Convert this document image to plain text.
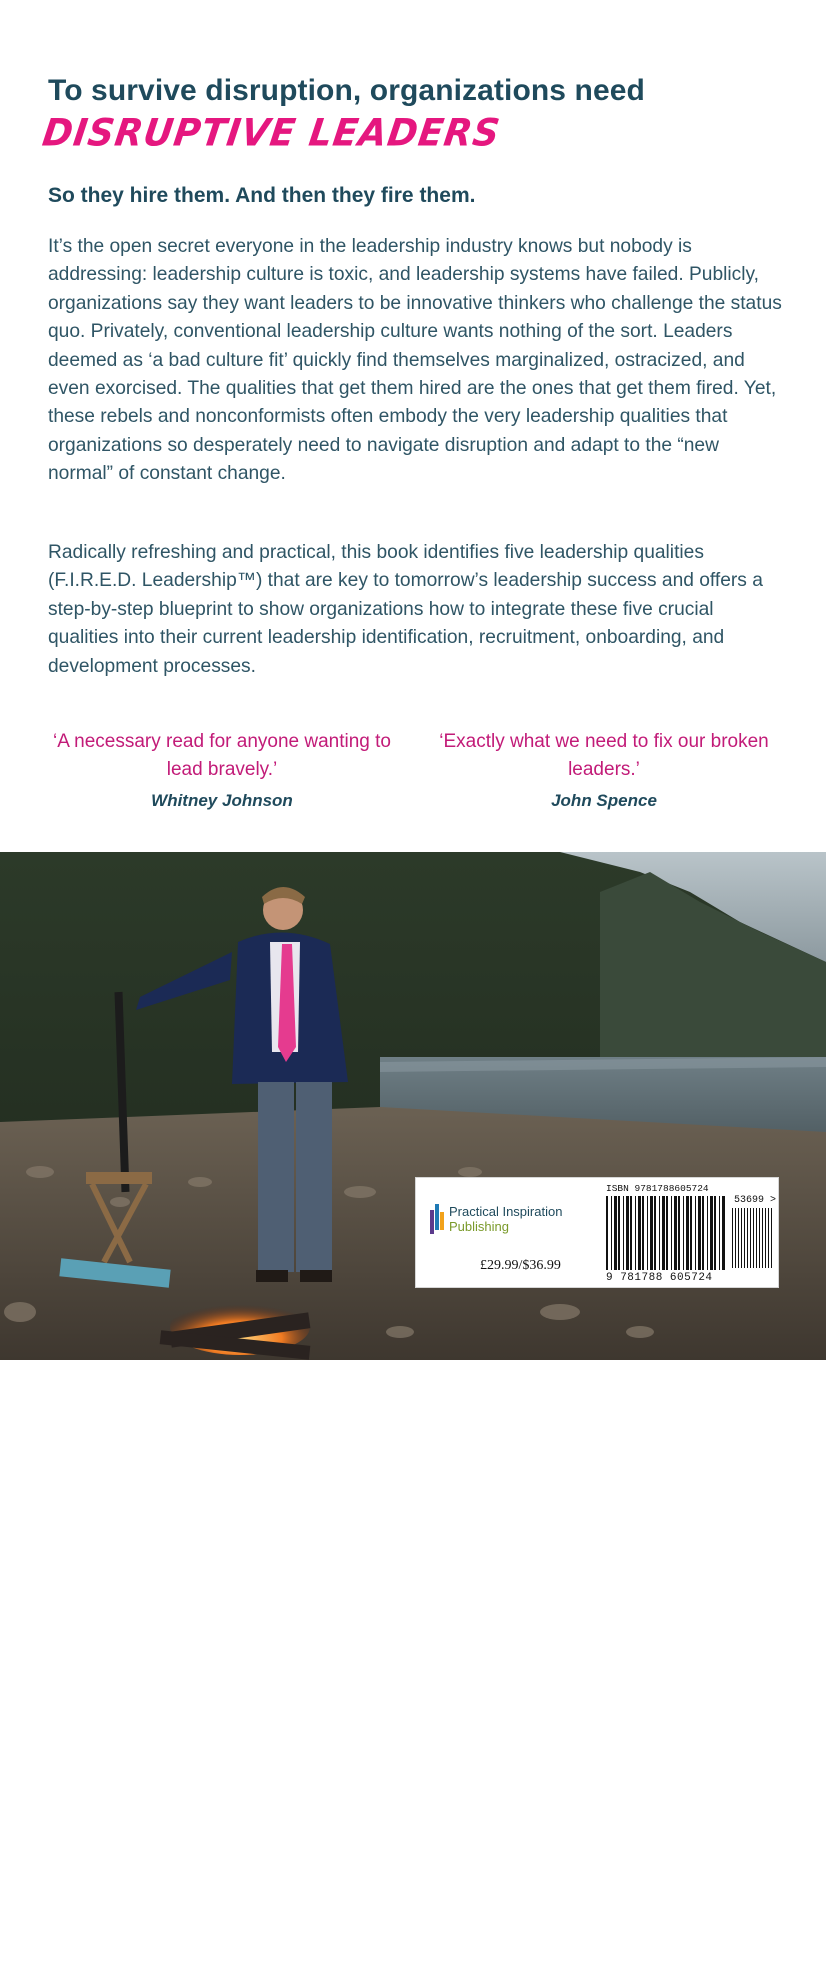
To survive disruption, organizations need
DISRUPTIVE LEADERS
So they hire them. And then they fire them.

It’s the open secret everyone in the leadership industry knows but nobody is addressing: leadership culture is toxic, and leadership systems have failed. Publicly, organizations say they want leaders to be innovative thinkers who challenge the status quo. Privately, conventional leadership culture wants nothing of the sort. Leaders deemed as ‘a bad culture fit’ quickly find themselves marginalized, ostracized, and even exorcised. The qualities that get them hired are the ones that get them fired. Yet, these rebels and nonconformists often embody the very leadership qualities that organizations so desperately need to navigate disruption and adapt to the “new normal” of constant change.

Radically refreshing and practical, this book identifies five leadership qualities (F.I.R.E.D. Leadership™) that are key to tomorrow’s leadership success and offers a step-by-step blueprint to show organizations how to integrate these five crucial qualities into their current leadership identification, recruitment, onboarding, and development processes.

‘A necessary read for anyone wanting to lead bravely.’
Whitney Johnson
‘Exactly what we need to fix our broken leaders.’
John Spence
Leadership maverick Paul McCarthy shows organizations how to reframe how they view their troublemakers, agitators, rebels, oddballs and shit-stirrers – to see the hidden leadership qualities driving those behaviors, and why they need them so desperately.
Practical Inspiration
Publishing
£29.99/$36.99
ISBN 9781788605724
53699 >
9 781788 605724
